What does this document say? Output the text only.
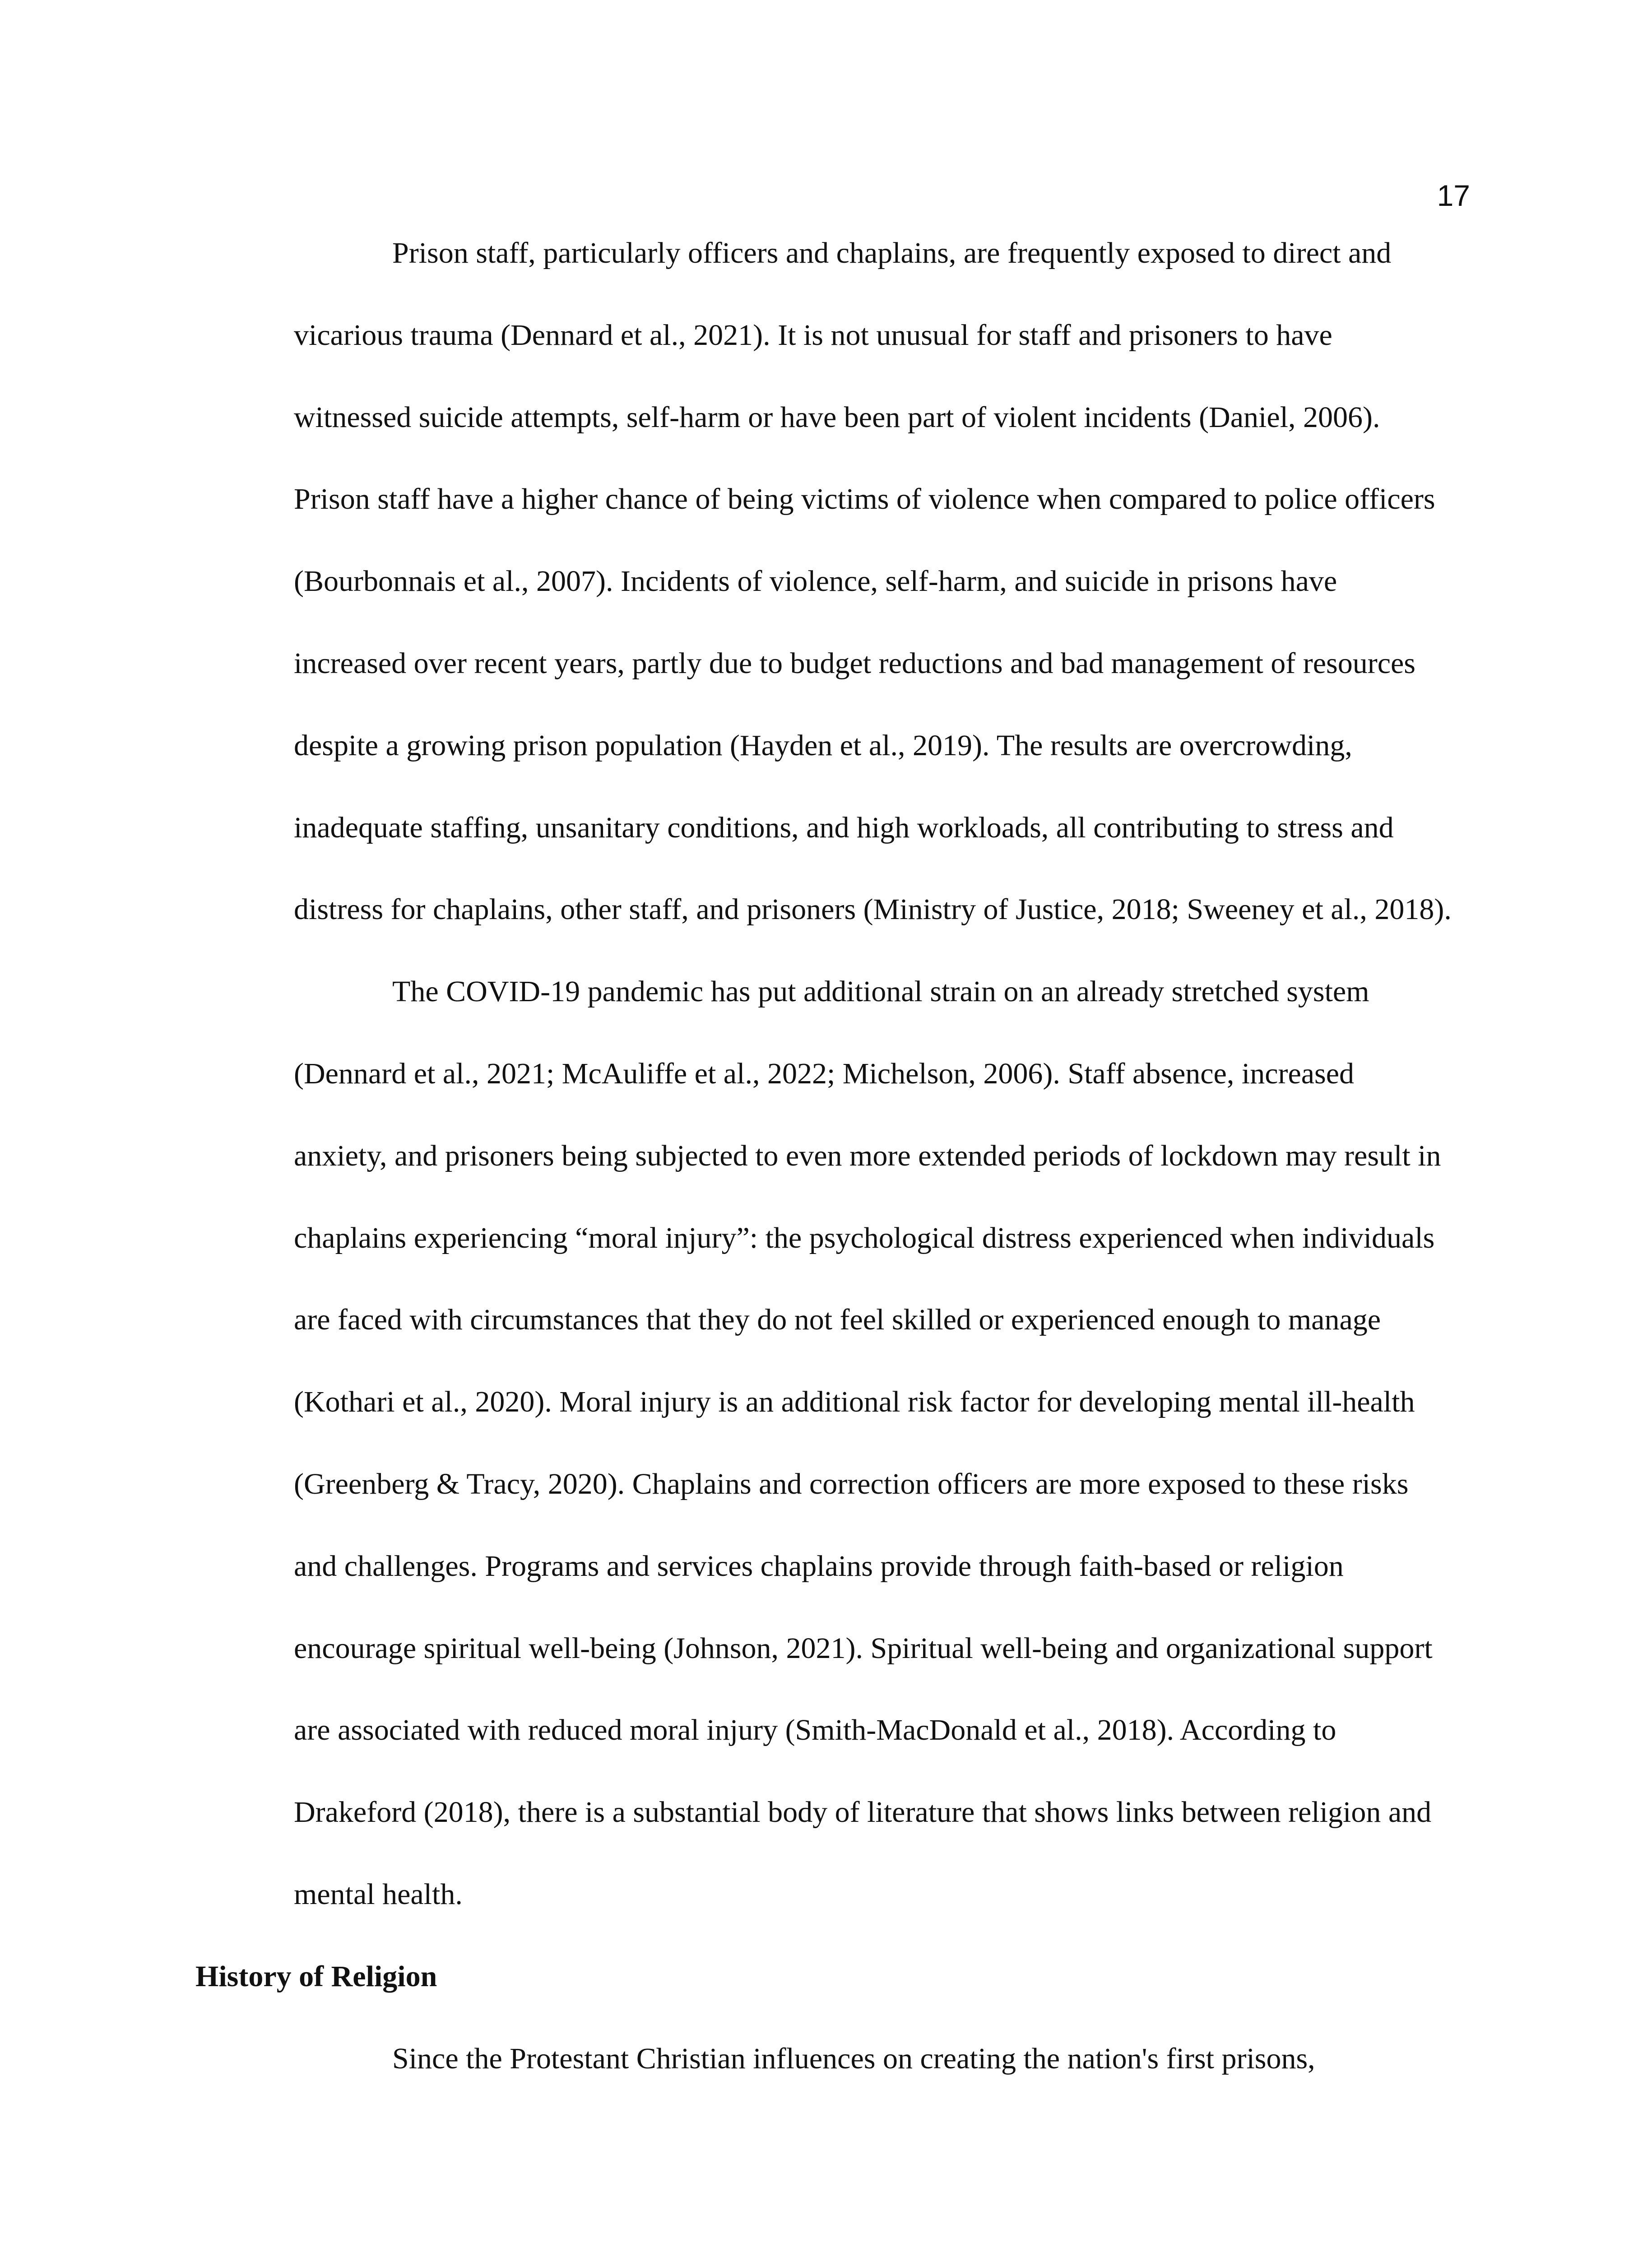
17
Prison staff, particularly officers and chaplains, are frequently exposed to direct and
vicarious trauma (Dennard et al., 2021). It is not unusual for staff and prisoners to have
witnessed suicide attempts, self-harm or have been part of violent incidents (Daniel, 2006).
Prison staff have a higher chance of being victims of violence when compared to police officers
(Bourbonnais et al., 2007). Incidents of violence, self-harm, and suicide in prisons have
increased over recent years, partly due to budget reductions and bad management of resources
despite a growing prison population (Hayden et al., 2019). The results are overcrowding,
inadequate staffing, unsanitary conditions, and high workloads, all contributing to stress and
distress for chaplains, other staff, and prisoners (Ministry of Justice, 2018; Sweeney et al., 2018).
The COVID-19 pandemic has put additional strain on an already stretched system
(Dennard et al., 2021; McAuliffe et al., 2022; Michelson, 2006). Staff absence, increased
anxiety, and prisoners being subjected to even more extended periods of lockdown may result in
chaplains experiencing “moral injury”: the psychological distress experienced when individuals
are faced with circumstances that they do not feel skilled or experienced enough to manage
(Kothari et al., 2020). Moral injury is an additional risk factor for developing mental ill-health
(Greenberg & Tracy, 2020). Chaplains and correction officers are more exposed to these risks
and challenges. Programs and services chaplains provide through faith-based or religion
encourage spiritual well-being (Johnson, 2021). Spiritual well-being and organizational support
are associated with reduced moral injury (Smith-MacDonald et al., 2018). According to
Drakeford (2018), there is a substantial body of literature that shows links between religion and
mental health.
History of Religion
Since the Protestant Christian influences on creating the nation's first prisons,
